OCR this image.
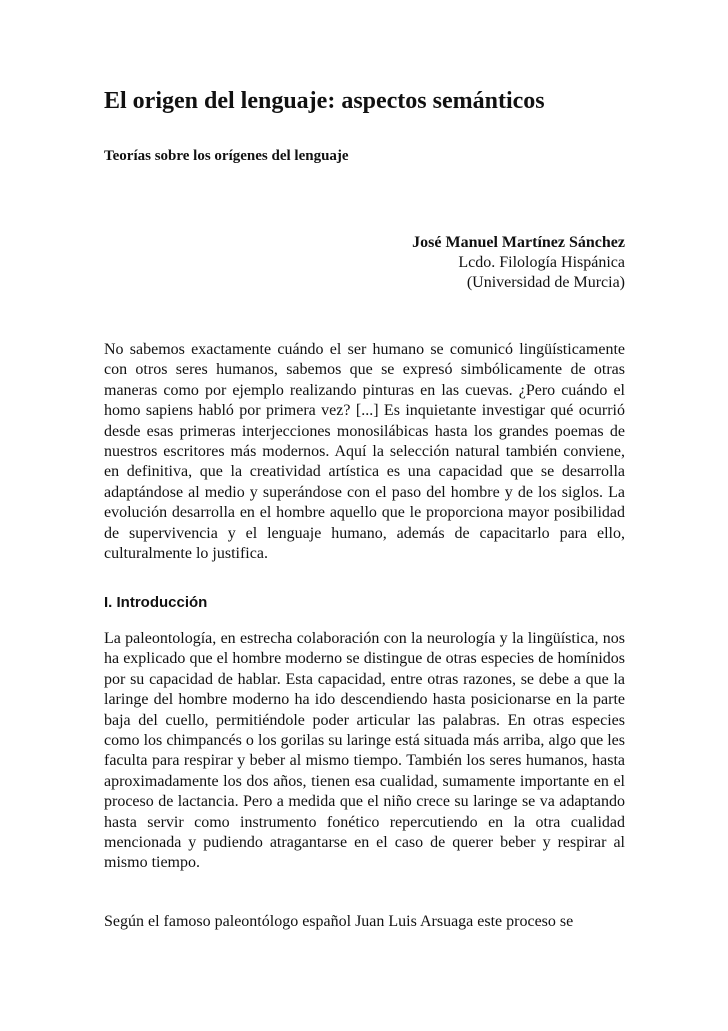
El origen del lenguaje: aspectos semánticos
Teorías sobre los orígenes del lenguaje
José Manuel Martínez Sánchez
Lcdo. Filología Hispánica
(Universidad de Murcia)

No sabemos exactamente cuándo el ser humano se comunicó lingüísticamente con otros seres humanos, sabemos que se expresó simbólicamente de otras maneras como por ejemplo realizando pinturas en las cuevas. ¿Pero cuándo el homo sapiens habló por primera vez? [...] Es inquietante investigar qué ocurrió desde esas primeras interjecciones monosilábicas hasta los grandes poemas de nuestros escritores más modernos. Aquí la selección natural también conviene, en definitiva, que la creatividad artística es una capacidad que se desarrolla adaptándose al medio y superándose con el paso del hombre y de los siglos. La evolución desarrolla en el hombre aquello que le proporciona mayor posibilidad de supervivencia y el lenguaje humano, además de capacitarlo para ello, culturalmente lo justifica.

I. Introducción

La paleontología, en estrecha colaboración con la neurología y la lingüística, nos ha explicado que el hombre moderno se distingue de otras especies de homínidos por su capacidad de hablar. Esta capacidad, entre otras razones, se debe a que la laringe del hombre moderno ha ido descendiendo hasta posicionarse en la parte baja del cuello, permitiéndole poder articular las palabras. En otras especies como los chimpancés o los gorilas su laringe está situada más arriba, algo que les faculta para respirar y beber al mismo tiempo. También los seres humanos, hasta aproximadamente los dos años, tienen esa cualidad, sumamente importante en el proceso de lactancia. Pero a medida que el niño crece su laringe se va adaptando hasta servir como instrumento fonético repercutiendo en la otra cualidad mencionada y pudiendo atragantarse en el caso de querer beber y respirar al mismo tiempo.

Según el famoso paleontólogo español Juan Luis Arsuaga este proceso se
